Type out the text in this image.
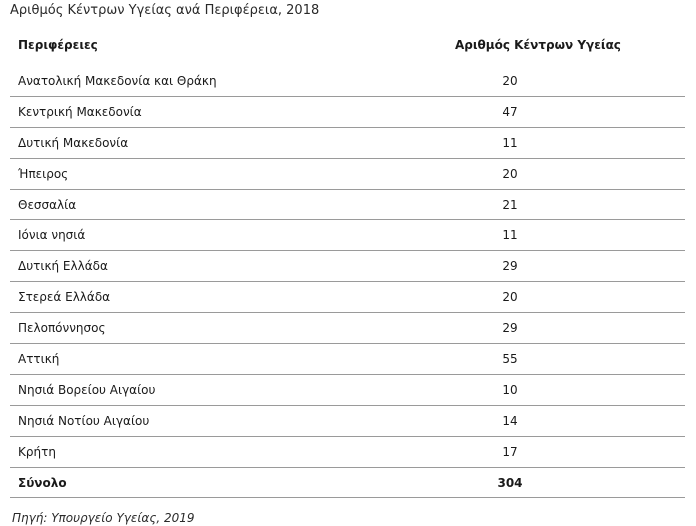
Αριθμός Κέντρων Υγείας ανά Περιφέρεια, 2018
Περιφέρειες	Αριθμός Κέντρων Υγείας
Ανατολική Μακεδονία και Θράκη	20
Κεντρική Μακεδονία	47
Δυτική Μακεδονία	11
Ήπειρος	20
Θεσσαλία	21
Ιόνια νησιά	11
Δυτική Ελλάδα	29
Στερεά Ελλάδα	20
Πελοπόννησος	29
Αττική	55
Νησιά Βορείου Αιγαίου	10
Νησιά Νοτίου Αιγαίου	14
Κρήτη	17
Σύνολο	304
Πηγή: Υπουργείο Υγείας, 2019
